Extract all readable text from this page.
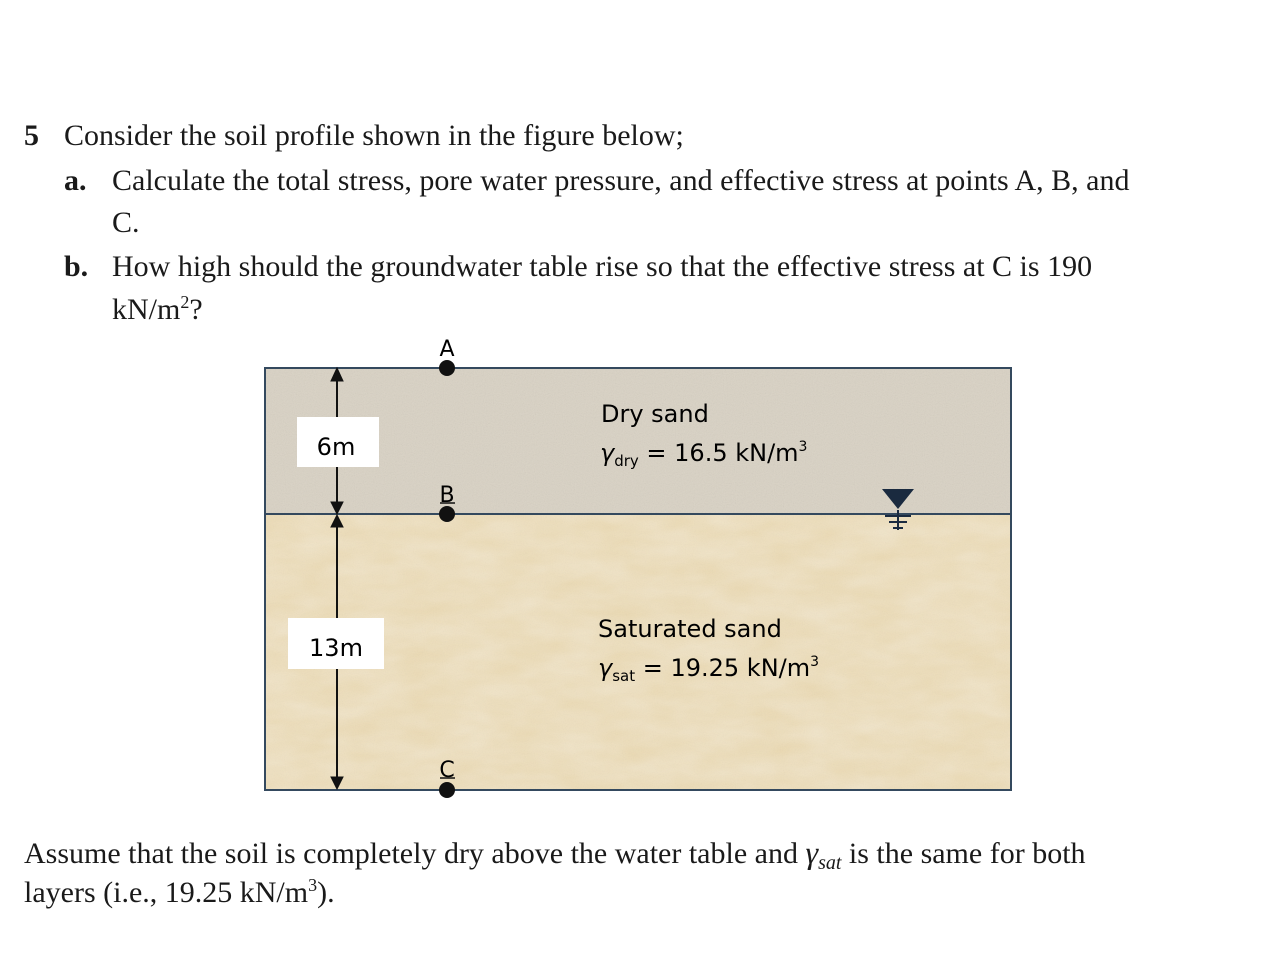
5 Consider the soil profile shown in the figure below;
a. Calculate the total stress, pore water pressure, and effective stress at points A, B, and
C.
b. How high should the groundwater table rise so that the effective stress at C is 190
$kN/m^2$?
6m
13m
A
B
C
Dry sand
$\gamma_{dry} = 16.5$ $kN/m^3$
Saturated sand
$\gamma_{sat} = 19.25$ $kN/m^3$
Assume that the soil is completely dry above the water table and $\gamma_{sat}$ is the same for both
layers (i.e., 19.25 $kN/m^3$).
